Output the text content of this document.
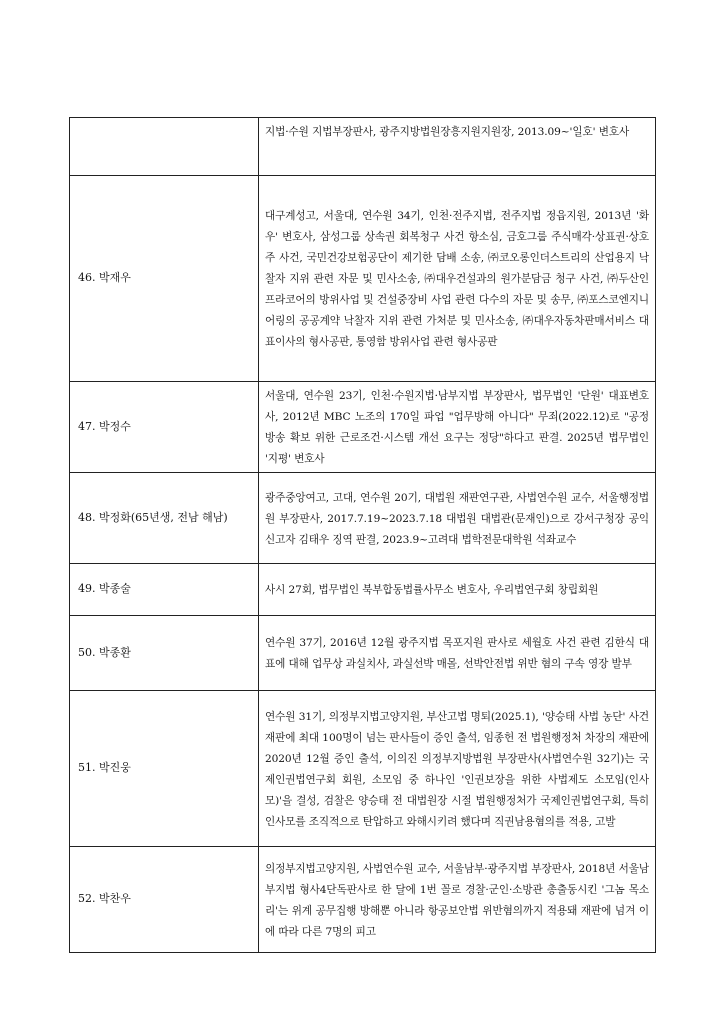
	지법·수원 지법부장판사, 광주지방법원장흥지원지원장, 2013.09~'일호' 변호사
46. 박재우	대구계성고, 서울대, 연수원 34기, 인천·전주지법, 전주지법 정읍지원, 2013년 '화우' 변호사, 삼성그룹 상속권 회복청구 사건 항소심, 금호그룹 주식매각·상표권·상호주 사건, 국민건강보험공단이 제기한 담배 소송, ㈜코오롱인더스트리의 산업용지 낙찰자 지위 관련 자문 및 민사소송, ㈜대우건설과의 원가분담금 청구 사건, ㈜두산인프라코어의 방위사업 및 건설중장비 사업 관련 다수의 자문 및 송무, ㈜포스코엔지니어링의 공공계약 낙찰자 지위 관련 가처분 및 민사소송, ㈜대우자동차판매서비스 대표이사의 형사공판, 통영함 방위사업 관련 형사공판
47. 박정수	서울대, 연수원 23기, 인천·수원지법·남부지법 부장판사, 법무법인 '단원' 대표변호사, 2012년 MBC 노조의 170일 파업 "업무방해 아니다" 무죄(2022.12)로 "공정방송 확보 위한 근로조건·시스템 개선 요구는 정당"하다고 판결. 2025년 법무법인 '지평' 변호사
48. 박정화(65년생, 전남 해남)	광주중앙여고, 고대, 연수원 20기, 대법원 재판연구관, 사법연수원 교수, 서울행정법원 부장판사, 2017.7.19~2023.7.18 대법원 대법관(문재인)으로 강서구청장 공익신고자 김태우 징역 판결, 2023.9~고려대 법학전문대학원 석좌교수
49. 박종술	사시 27회, 법무법인 북부합동법률사무소 변호사, 우리법연구회 창립회원
50. 박종환	연수원 37기, 2016년 12월 광주지법 목포지원 판사로 세월호 사건 관련 김한식 대표에 대해 업무상 과실치사, 과실선박 매몰, 선박안전법 위반 혐의 구속 영장 발부
51. 박진웅	연수원 31기, 의정부지법고양지원, 부산고법 명퇴(2025.1), '양승태 사법 농단' 사건 재판에 최대 100명이 넘는 판사들이 증인 출석, 임종헌 전 법원행정처 차장의 재판에 2020년 12월 증인 출석, 이의진 의정부지방법원 부장판사(사법연수원 32기)는 국제인권법연구회 회원, 소모임 중 하나인 '인권보장을 위한 사법제도 소모임(인사모)'을 결성, 검찰은 양승태 전 대법원장 시절 법원행정처가 국제인권법연구회, 특히 인사모를 조직적으로 탄압하고 와해시키려 했다며 직권남용혐의를 적용, 고발
52. 박찬우	의정부지법고양지원, 사법연수원 교수, 서울남부·광주지법 부장판사, 2018년 서울남부지법 형사4단독판사로 한 달에 1번 꼴로 경찰·군인·소방관 총출동시킨 '그놈 목소리'는 위계 공무집행 방해뿐 아니라 항공보안법 위반혐의까지 적용돼 재판에 넘겨 이에 따라 다른 7명의 피고
